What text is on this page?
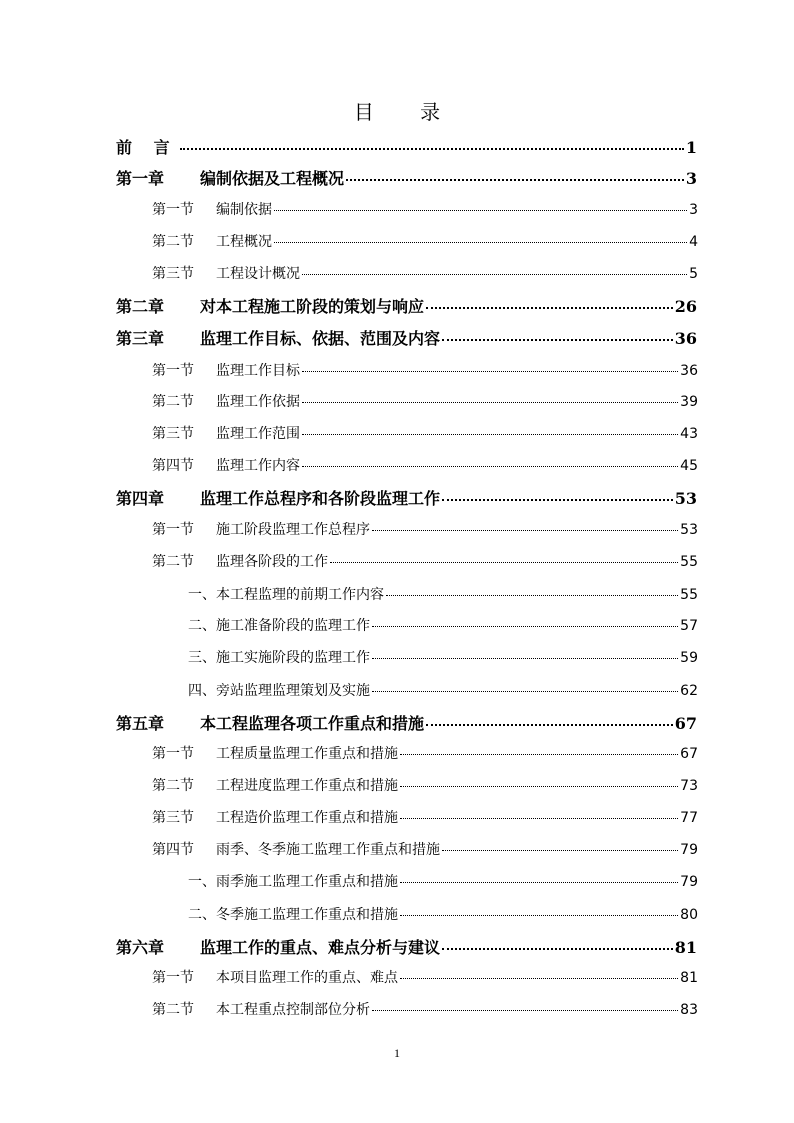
目 录
前 言	1
第一章	编制依据及工程概况	3
第一节	编制依据	3
第二节	工程概况	4
第三节	工程设计概况	5
第二章	对本工程施工阶段的策划与响应	26
第三章	监理工作目标、依据、范围及内容	36
第一节	监理工作目标	36
第二节	监理工作依据	39
第三节	监理工作范围	43
第四节	监理工作内容	45
第四章	监理工作总程序和各阶段监理工作	53
第一节	施工阶段监理工作总程序	53
第二节	监理各阶段的工作	55
一、本工程监理的前期工作内容	55
二、施工准备阶段的监理工作	57
三、施工实施阶段的监理工作	59
四、旁站监理监理策划及实施	62
第五章	本工程监理各项工作重点和措施	67
第一节	工程质量监理工作重点和措施	67
第二节	工程进度监理工作重点和措施	73
第三节	工程造价监理工作重点和措施	77
第四节	雨季、冬季施工监理工作重点和措施	79
一、雨季施工监理工作重点和措施	79
二、冬季施工监理工作重点和措施	80
第六章	监理工作的重点、难点分析与建议	81
第一节	本项目监理工作的重点、难点	81
第二节	本工程重点控制部位分析	83
1
